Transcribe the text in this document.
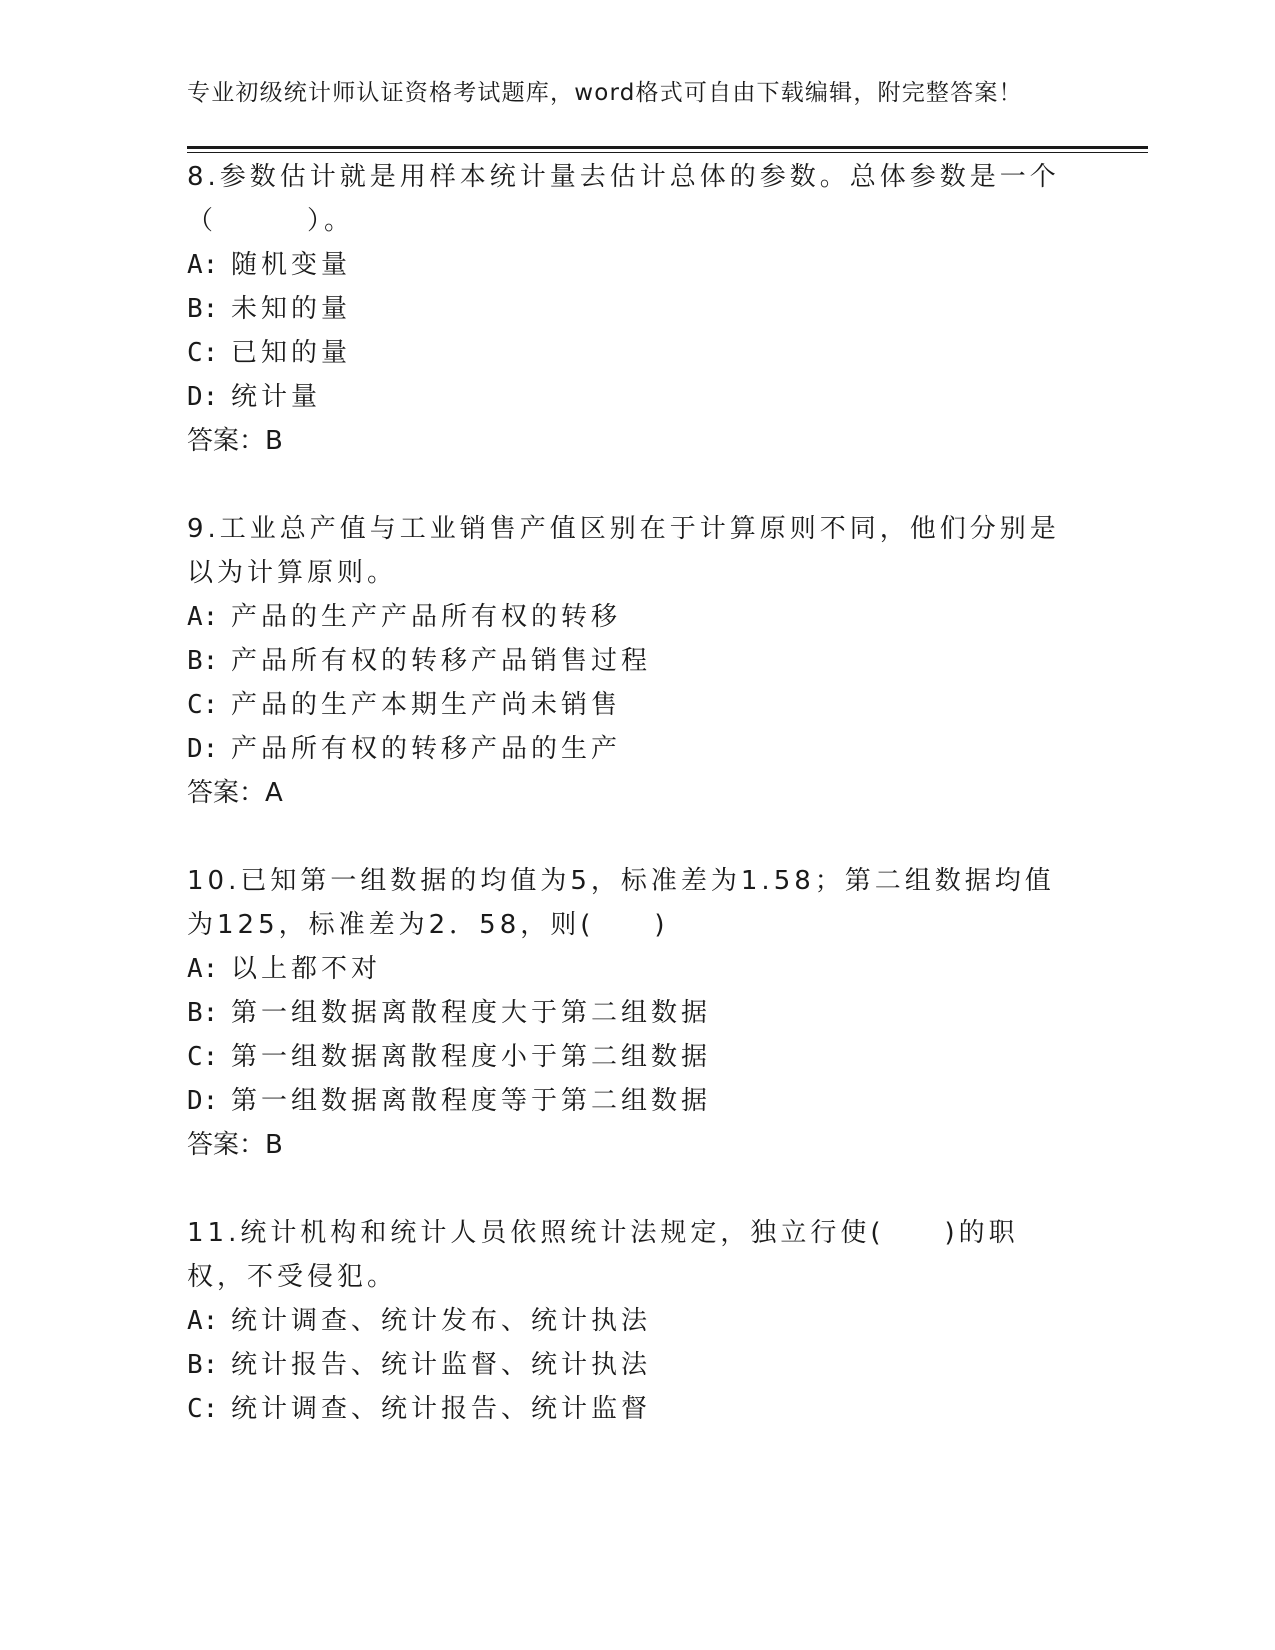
专业初级统计师认证资格考试题库，word格式可自由下载编辑，附完整答案！
8.参数估计就是用样本统计量去估计总体的参数。总体参数是一个（　　　）。
A: 随机变量
B: 未知的量
C: 已知的量
D: 统计量
答案：B
9.工业总产值与工业销售产值区别在于计算原则不同，他们分别是以为计算原则。
A: 产品的生产产品所有权的转移
B: 产品所有权的转移产品销售过程
C: 产品的生产本期生产尚未销售
D: 产品所有权的转移产品的生产
答案：A
10.已知第一组数据的均值为5，标准差为1.58；第二组数据均值为125，标准差为2．58，则(　　)
A: 以上都不对
B: 第一组数据离散程度大于第二组数据
C: 第一组数据离散程度小于第二组数据
D: 第一组数据离散程度等于第二组数据
答案：B
11.统计机构和统计人员依照统计法规定，独立行使(　　)的职权，不受侵犯。
A: 统计调查、统计发布、统计执法
B: 统计报告、统计监督、统计执法
C: 统计调查、统计报告、统计监督
